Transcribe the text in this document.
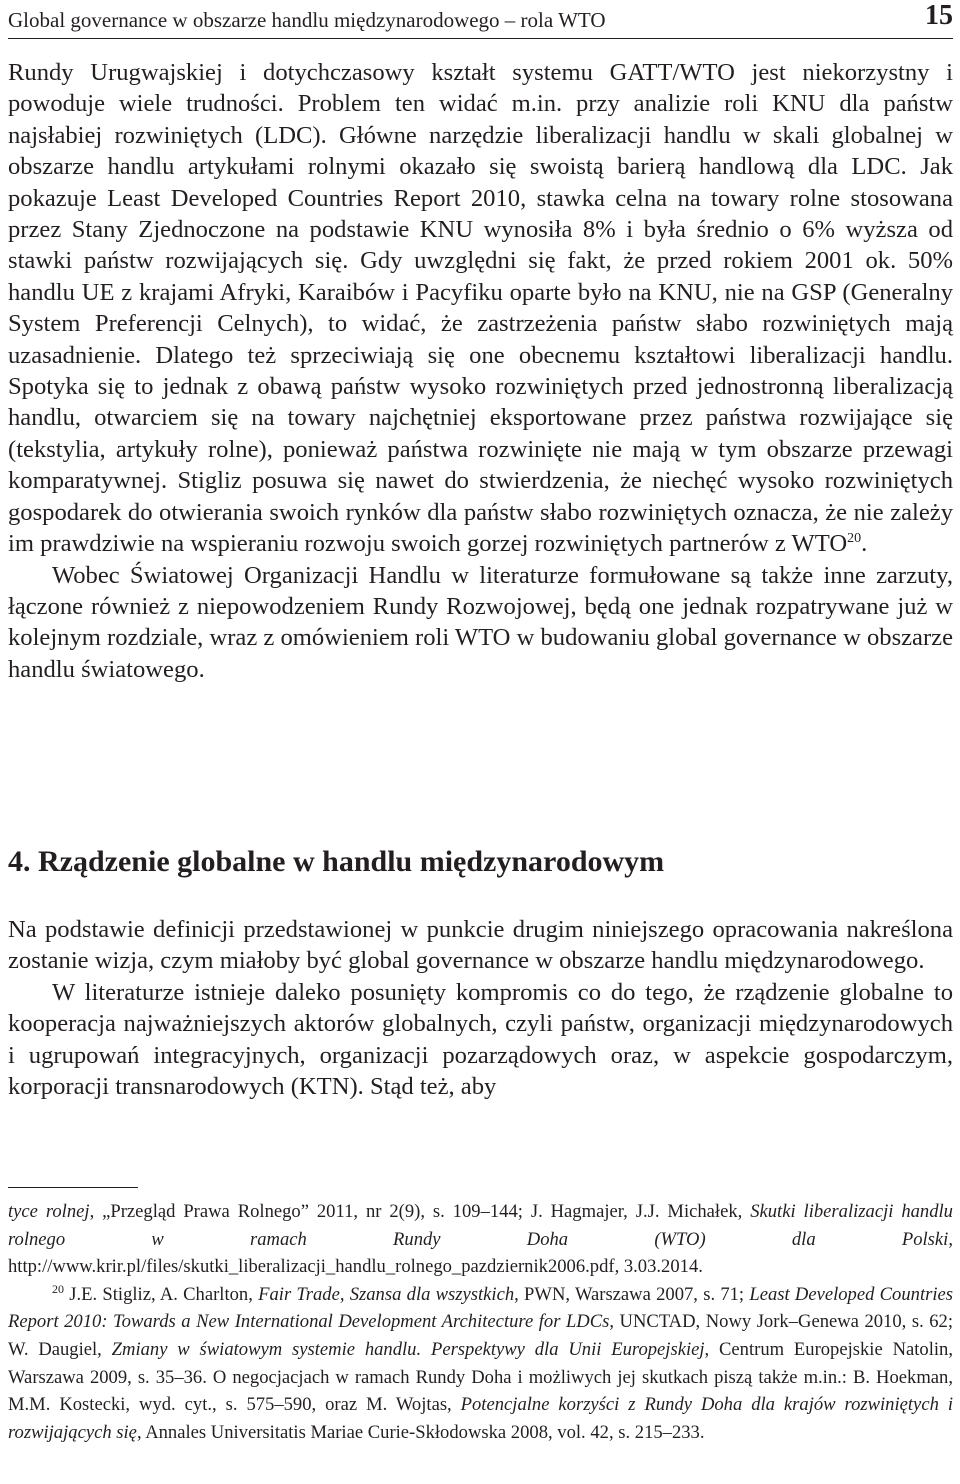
Global governance w obszarze handlu międzynarodowego – rola WTO	15

Rundy Urugwajskiej i dotychczasowy kształt systemu GATT/WTO jest niekorzystny i powoduje wiele trudności. Problem ten widać m.in. przy analizie roli KNU dla państw najsłabiej rozwiniętych (LDC). Główne narzędzie liberalizacji handlu w skali globalnej w obszarze handlu artykułami rolnymi okazało się swoistą barierą handlową dla LDC. Jak pokazuje Least Developed Countries Report 2010, stawka celna na towary rolne stosowana przez Stany Zjednoczone na podstawie KNU wynosiła 8% i była średnio o 6% wyższa od stawki państw rozwijających się. Gdy uwzględni się fakt, że przed rokiem 2001 ok. 50% handlu UE z krajami Afryki, Karaibów i Pacyfiku oparte było na KNU, nie na GSP (Generalny System Preferencji Celnych), to widać, że zastrzeżenia państw słabo rozwiniętych mają uzasadnienie. Dlatego też sprzeciwiają się one obecnemu kształtowi liberalizacji handlu. Spotyka się to jednak z obawą państw wysoko rozwiniętych przed jednostronną liberalizacją handlu, otwarciem się na towary najchętniej eksportowane przez państwa rozwijające się (tekstylia, artykuły rolne), ponieważ państwa rozwinięte nie mają w tym obszarze przewagi komparatywnej. Stigliz posuwa się nawet do stwierdzenia, że niechęć wysoko rozwiniętych gospodarek do otwierania swoich rynków dla państw słabo rozwiniętych oznacza, że nie zależy im prawdziwie na wspieraniu rozwoju swoich gorzej rozwiniętych partnerów z WTO$^{20}$.

Wobec Światowej Organizacji Handlu w literaturze formułowane są także inne zarzuty, łączone również z niepowodzeniem Rundy Rozwojowej, będą one jednak rozpatrywane już w kolejnym rozdziale, wraz z omówieniem roli WTO w budowaniu global governance w obszarze handlu światowego.

4. Rządzenie globalne w handlu międzynarodowym

Na podstawie definicji przedstawionej w punkcie drugim niniejszego opracowania nakreślona zostanie wizja, czym miałoby być global governance w obszarze handlu międzynarodowego.

W literaturze istnieje daleko posunięty kompromis co do tego, że rządzenie globalne to kooperacja najważniejszych aktorów globalnych, czyli państw, organizacji międzynarodowych i ugrupowań integracyjnych, organizacji pozarządowych oraz, w aspekcie gospodarczym, korporacji transnarodowych (KTN). Stąd też, aby

tyce rolnej, „Przegląd Prawa Rolnego” 2011, nr 2(9), s. 109–144; J. Hagmajer, J.J. Michałek, Skutki liberalizacji handlu rolnego w ramach Rundy Doha (WTO) dla Polski, http://www.krir.pl/files/skutki_liberalizacji_handlu_rolnego_pazdziernik2006.pdf, 3.03.2014.

$^{20}$ J.E. Stigliz, A. Charlton, Fair Trade, Szansa dla wszystkich, PWN, Warszawa 2007, s. 71; Least Developed Countries Report 2010: Towards a New International Development Architecture for LDCs, UNCTAD, Nowy Jork–Genewa 2010, s. 62; W. Daugiel, Zmiany w światowym systemie handlu. Perspektywy dla Unii Europejskiej, Centrum Europejskie Natolin, Warszawa 2009, s. 35–36. O negocjacjach w ramach Rundy Doha i możliwych jej skutkach piszą także m.in.: B. Hoekman, M.M. Kostecki, wyd. cyt., s. 575–590, oraz M. Wojtas, Potencjalne korzyści z Rundy Doha dla krajów rozwiniętych i rozwijających się, Annales Universitatis Mariae Curie-Skłodowska 2008, vol. 42, s. 215–233.
